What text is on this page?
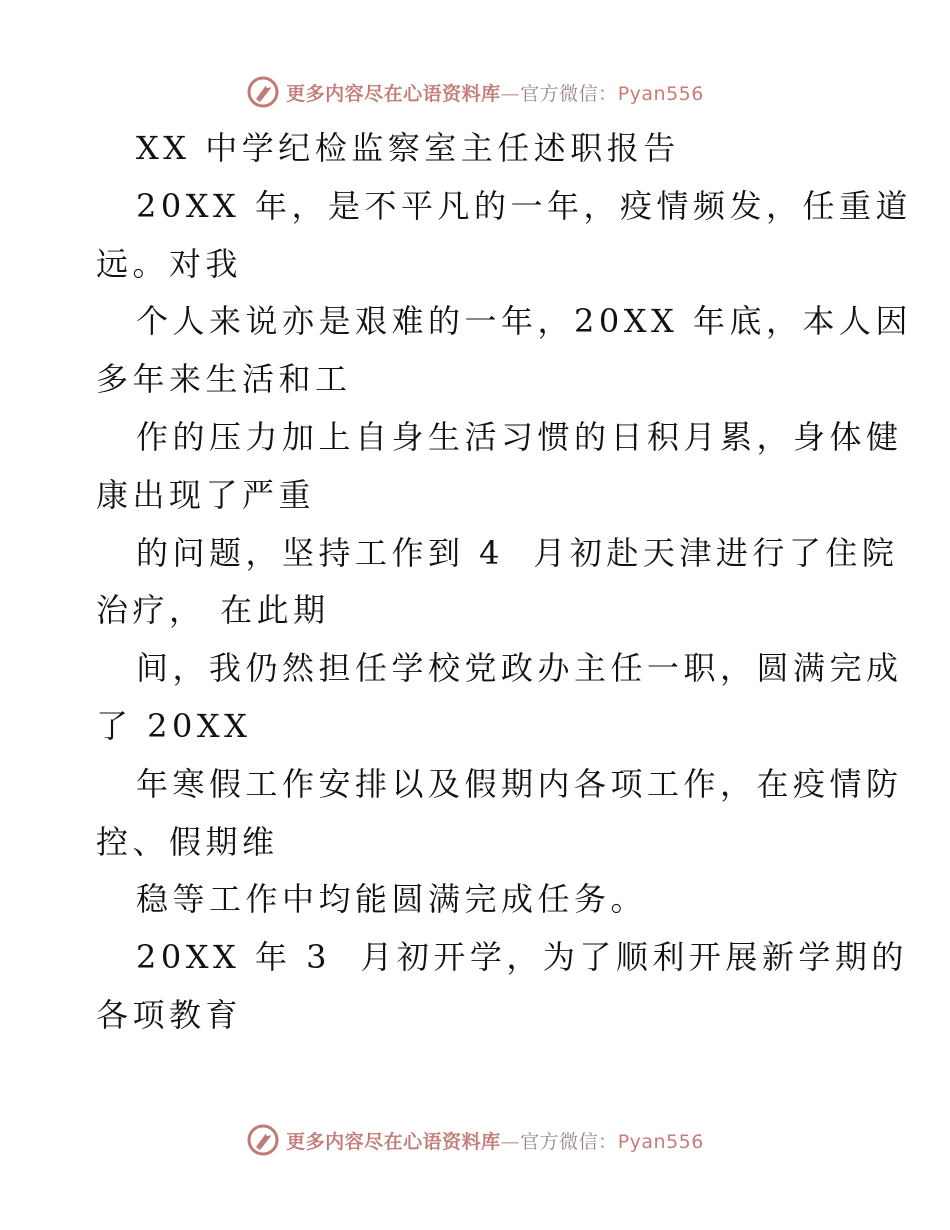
更多内容尽在心语资料库—官方微信：Pyan556
XX 中学纪检监察室主任述职报告
20XX 年，是不平凡的一年，疫情频发，任重道
远。对我
个人来说亦是艰难的一年，20XX 年底，本人因
多年来生活和工
作的压力加上自身生活习惯的日积月累，身体健
康出现了严重
的问题，坚持工作到 4  月初赴天津进行了住院
治疗， 在此期
间，我仍然担任学校党政办主任一职，圆满完成
了 20XX
年寒假工作安排以及假期内各项工作，在疫情防
控、假期维
稳等工作中均能圆满完成任务。
20XX 年 3  月初开学，为了顺利开展新学期的
各项教育
更多内容尽在心语资料库—官方微信：Pyan556
